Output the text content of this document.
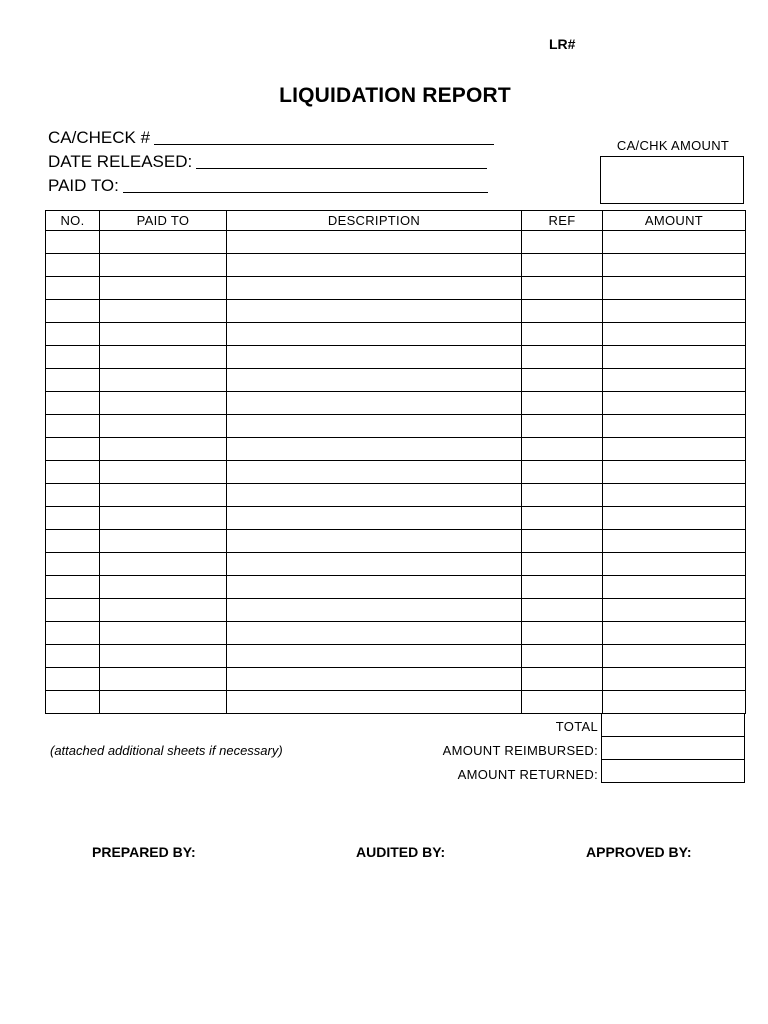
LR#
LIQUIDATION REPORT
CA/CHECK #
DATE RELEASED:
PAID TO:
CA/CHK AMOUNT
NO.	PAID TO	DESCRIPTION	REF	AMOUNT

TOTAL
AMOUNT REIMBURSED:
AMOUNT RETURNED:
(attached additional sheets if necessary)
PREPARED BY:	AUDITED BY:	APPROVED BY:
